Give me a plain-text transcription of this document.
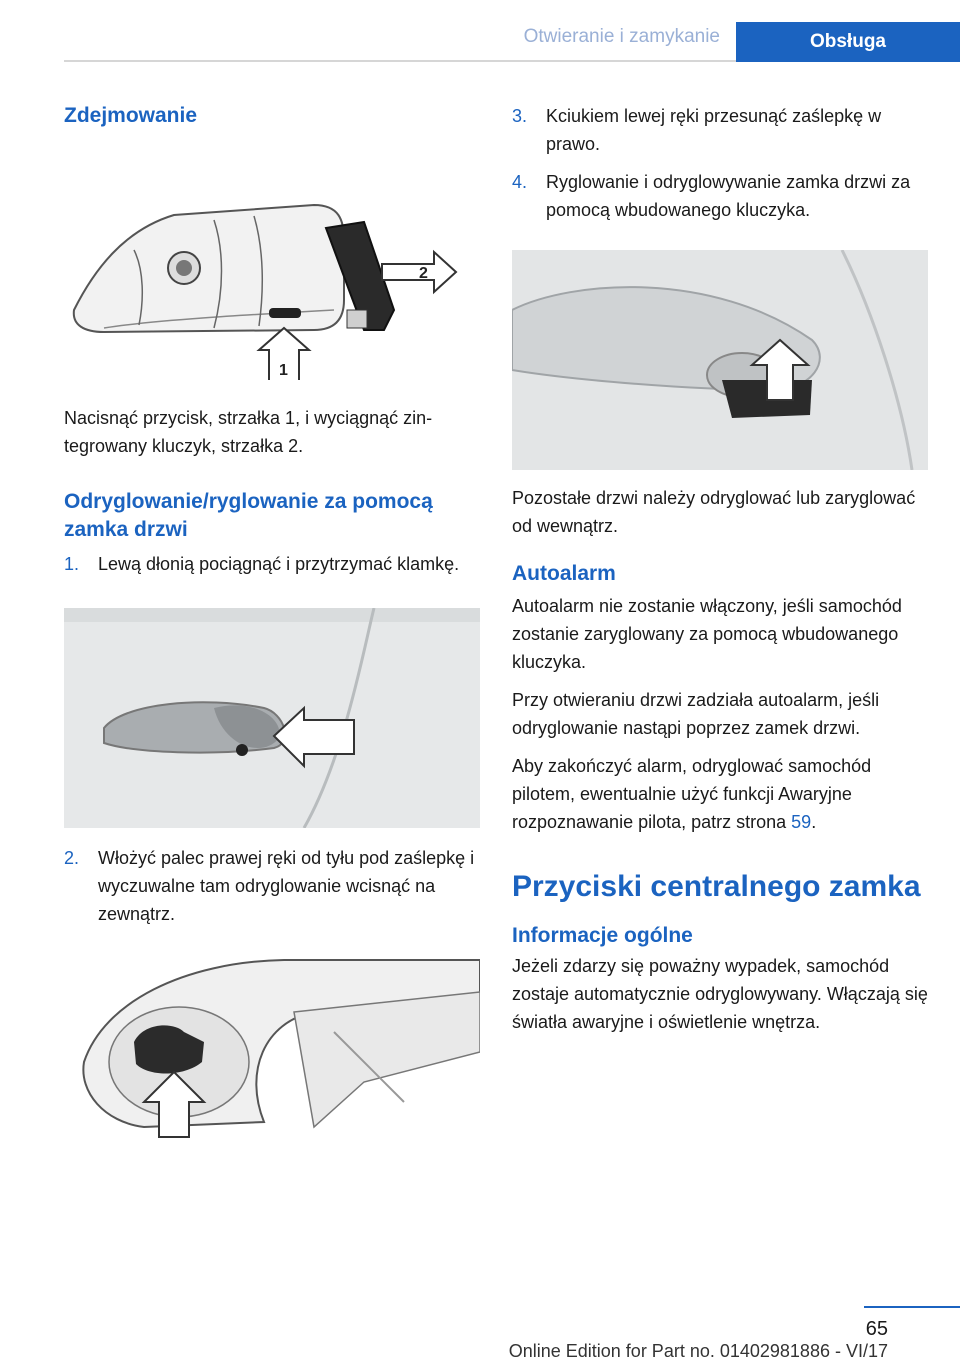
Otwieranie i zamykanie	Obsługa
Zdejmowanie
2
1

Nacisnąć przycisk, strzałka 1, i wyciągnąć zintegrowany kluczyk, strzałka 2.

Odryglowanie/ryglowanie za pomocą zamka drzwi
1.	Lewą dłonią pociągnąć i przytrzymać klamkę.
2.	Włożyć palec prawej ręki od tyłu pod zaślepkę i wyczuwalne tam odryglowanie wcisnąć na zewnątrz.
3.	Kciukiem lewej ręki przesunąć zaślepkę w prawo.
4.	Ryglowanie i odryglowywanie zamka drzwi za pomocą wbudowanego kluczyka.

Pozostałe drzwi należy odryglować lub zaryglować od wewnątrz.

Autoalarm

Autoalarm nie zostanie włączony, jeśli samochód zostanie zaryglowany za pomocą wbudowanego kluczyka.

Przy otwieraniu drzwi zadziała autoalarm, jeśli odryglowanie nastąpi poprzez zamek drzwi.

Aby zakończyć alarm, odryglować samochód pilotem, ewentualnie użyć funkcji Awaryjne rozpoznawanie pilota, patrz strona 59.

Przyciski centralnego zamka
Informacje ogólne

Jeżeli zdarzy się poważny wypadek, samochód zostaje automatycznie odryglowywany. Włączają się światła awaryjne i oświetlenie wnętrza.

65
Online Edition for Part no. 01402981886 - VI/17
